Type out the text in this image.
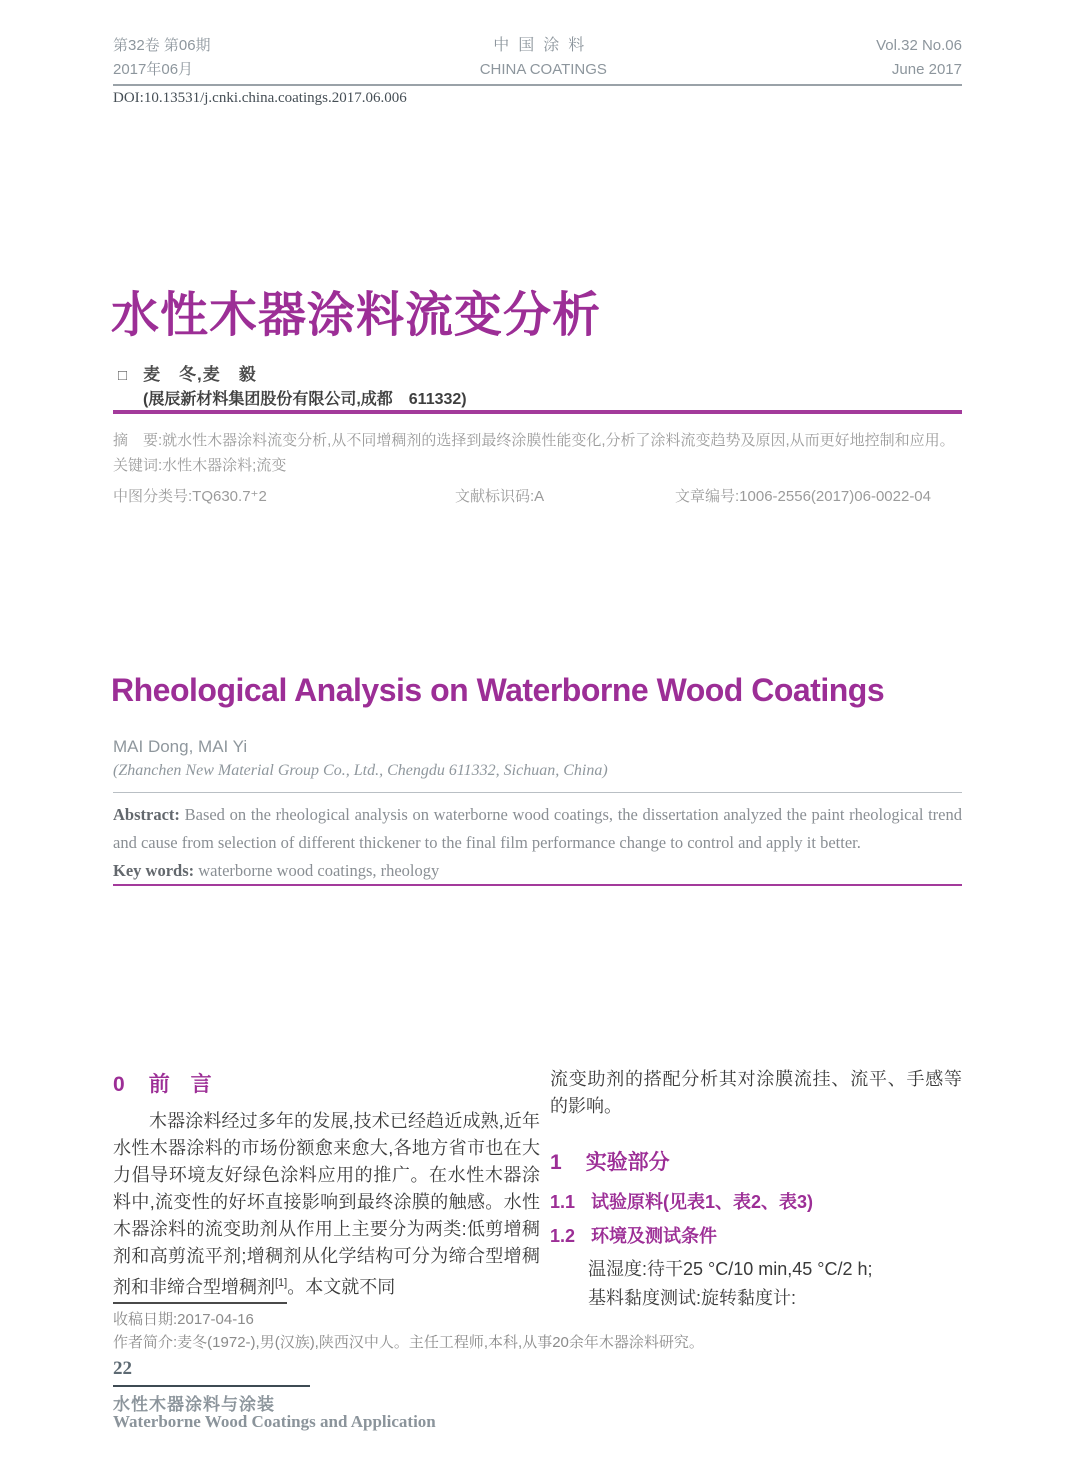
第32卷 第06期
2017年06月
中国涂料
CHINA COATINGS
Vol.32 No.06
June 2017
DOI:10.13531/j.cnki.china.coatings.2017.06.006
水性木器涂料流变分析
□ 麦　冬,麦　毅
(展辰新材料集团股份有限公司,成都　611332)

摘　要:就水性木器涂料流变分析,从不同增稠剂的选择到最终涂膜性能变化,分析了涂料流变趋势及原因,从而更好地控制和应用。

关键词:水性木器涂料;流变

中图分类号:TQ630.7⁺2	文献标识码:A	文章编号:1006-2556(2017)06-0022-04
Rheological Analysis on Waterborne Wood Coatings
MAI Dong, MAI Yi
(Zhanchen New Material Group Co., Ltd., Chengdu 611332, Sichuan, China)

Abstract: Based on the rheological analysis on waterborne wood coatings, the dissertation analyzed the paint rheological trend and cause from selection of different thickener to the final film performance change to control and apply it better.

Key words: waterborne wood coatings, rheology

0 前　言

木器涂料经过多年的发展,技术已经趋近成熟,近年水性木器涂料的市场份额愈来愈大,各地方省市也在大力倡导环境友好绿色涂料应用的推广。在水性木器涂料中,流变性的好坏直接影响到最终涂膜的触感。水性木器涂料的流变助剂从作用上主要分为两类:低剪增稠剂和高剪流平剂;增稠剂从化学结构可分为缔合型增稠剂和非缔合型增稠剂[1]。本文就不同

流变助剂的搭配分析其对涂膜流挂、流平、手感等的影响。

1 实验部分
1.1 试验原料(见表1、表2、表3)
1.2 环境及测试条件

温湿度:待干25 °C/10 min,45 °C/2 h;

基料黏度测试:旋转黏度计:

收稿日期:2017-04-16
作者简介:麦冬(1972-),男(汉族),陕西汉中人。主任工程师,本科,从事20余年木器涂料研究。
22
水性木器涂料与涂装
Waterborne Wood Coatings and Application
